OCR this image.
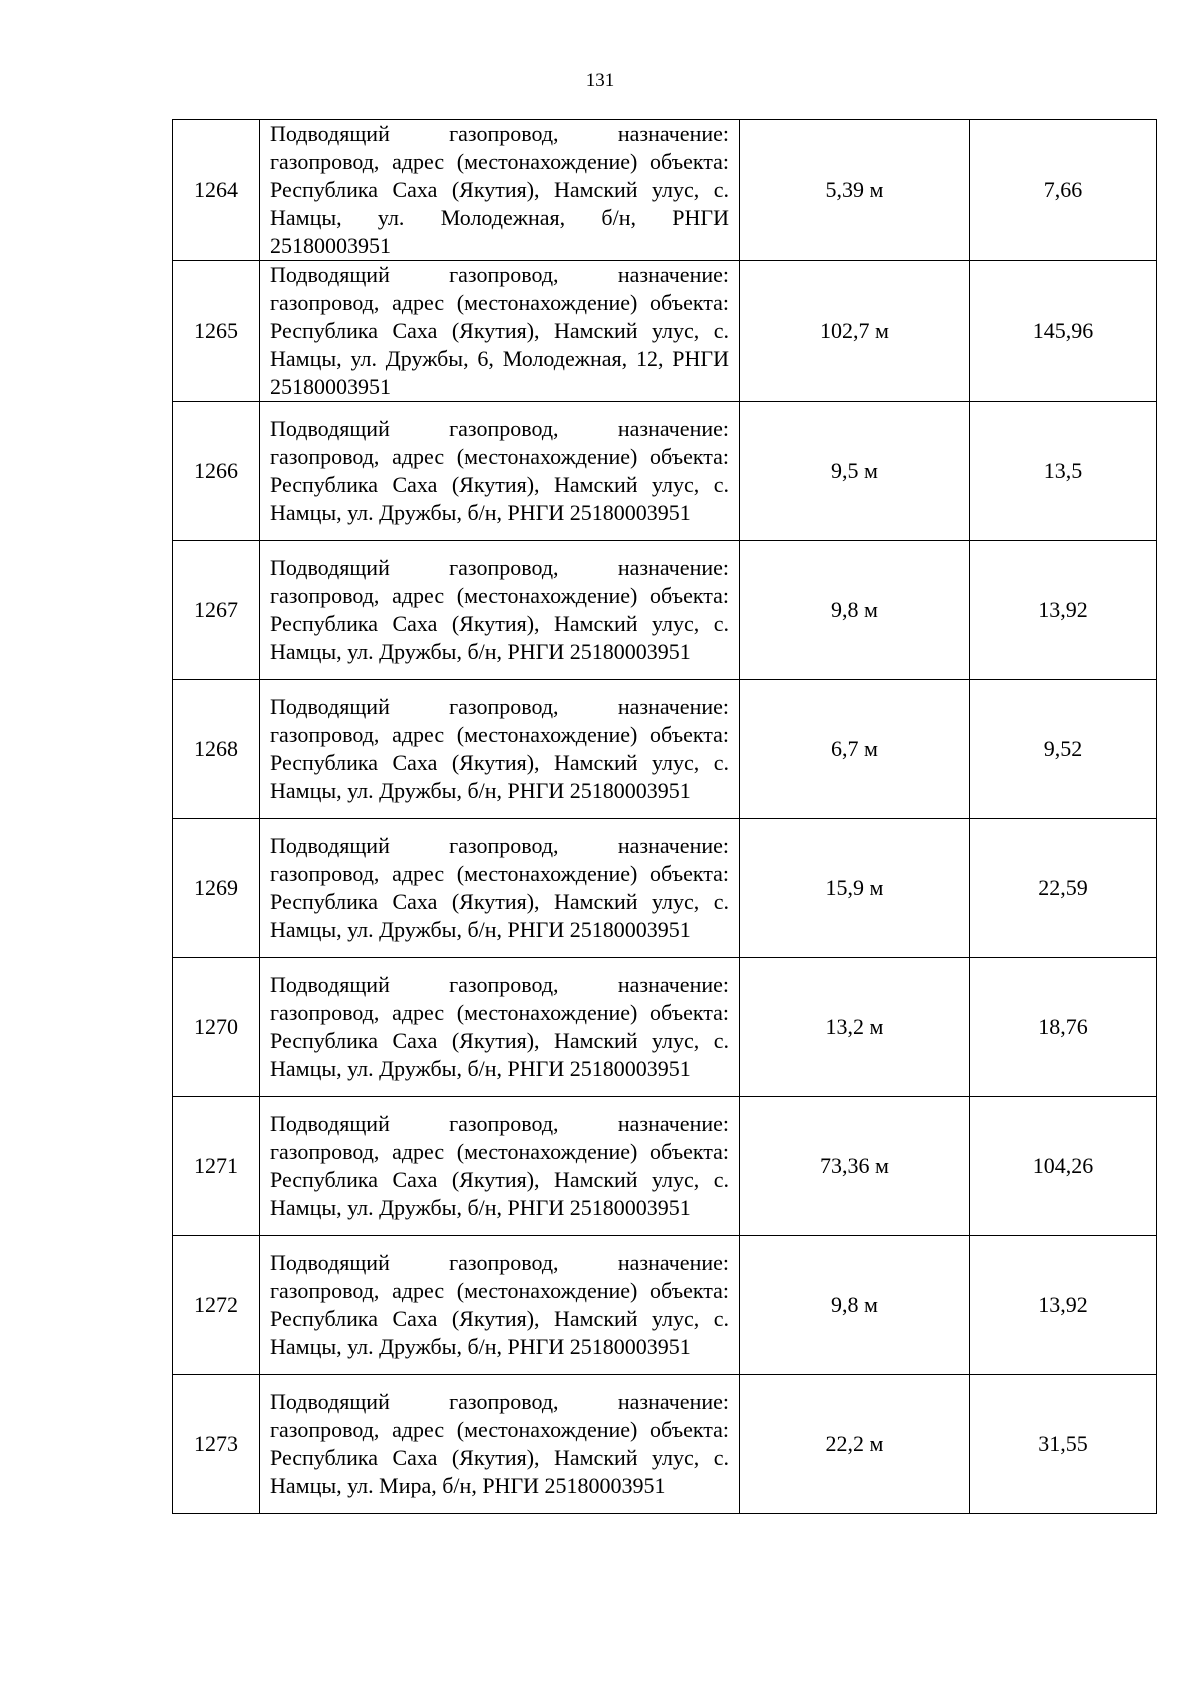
131
1264	Подводящий газопровод, назначение: газопровод, адрес (местонахождение) объекта: Республика Саха (Якутия), Намский улус, с. Намцы, ул. Молодежная, б/н, РНГИ 25180003951	5,39 м	7,66
1265	Подводящий газопровод, назначение: газопровод, адрес (местонахождение) объекта: Республика Саха (Якутия), Намский улус, с. Намцы, ул. Дружбы, 6, Молодежная, 12, РНГИ 25180003951	102,7 м	145,96
1266	Подводящий газопровод, назначение: газопровод, адрес (местонахождение) объекта: Республика Саха (Якутия), Намский улус, с. Намцы, ул. Дружбы, б/н, РНГИ 25180003951	9,5 м	13,5
1267	Подводящий газопровод, назначение: газопровод, адрес (местонахождение) объекта: Республика Саха (Якутия), Намский улус, с. Намцы, ул. Дружбы, б/н, РНГИ 25180003951	9,8 м	13,92
1268	Подводящий газопровод, назначение: газопровод, адрес (местонахождение) объекта: Республика Саха (Якутия), Намский улус, с. Намцы, ул. Дружбы, б/н, РНГИ 25180003951	6,7 м	9,52
1269	Подводящий газопровод, назначение: газопровод, адрес (местонахождение) объекта: Республика Саха (Якутия), Намский улус, с. Намцы, ул. Дружбы, б/н, РНГИ 25180003951	15,9 м	22,59
1270	Подводящий газопровод, назначение: газопровод, адрес (местонахождение) объекта: Республика Саха (Якутия), Намский улус, с. Намцы, ул. Дружбы, б/н, РНГИ 25180003951	13,2 м	18,76
1271	Подводящий газопровод, назначение: газопровод, адрес (местонахождение) объекта: Республика Саха (Якутия), Намский улус, с. Намцы, ул. Дружбы, б/н, РНГИ 25180003951	73,36 м	104,26
1272	Подводящий газопровод, назначение: газопровод, адрес (местонахождение) объекта: Республика Саха (Якутия), Намский улус, с. Намцы, ул. Дружбы, б/н, РНГИ 25180003951	9,8 м	13,92
1273	Подводящий газопровод, назначение: газопровод, адрес (местонахождение) объекта: Республика Саха (Якутия), Намский улус, с. Намцы, ул. Мира, б/н, РНГИ 25180003951	22,2 м	31,55
